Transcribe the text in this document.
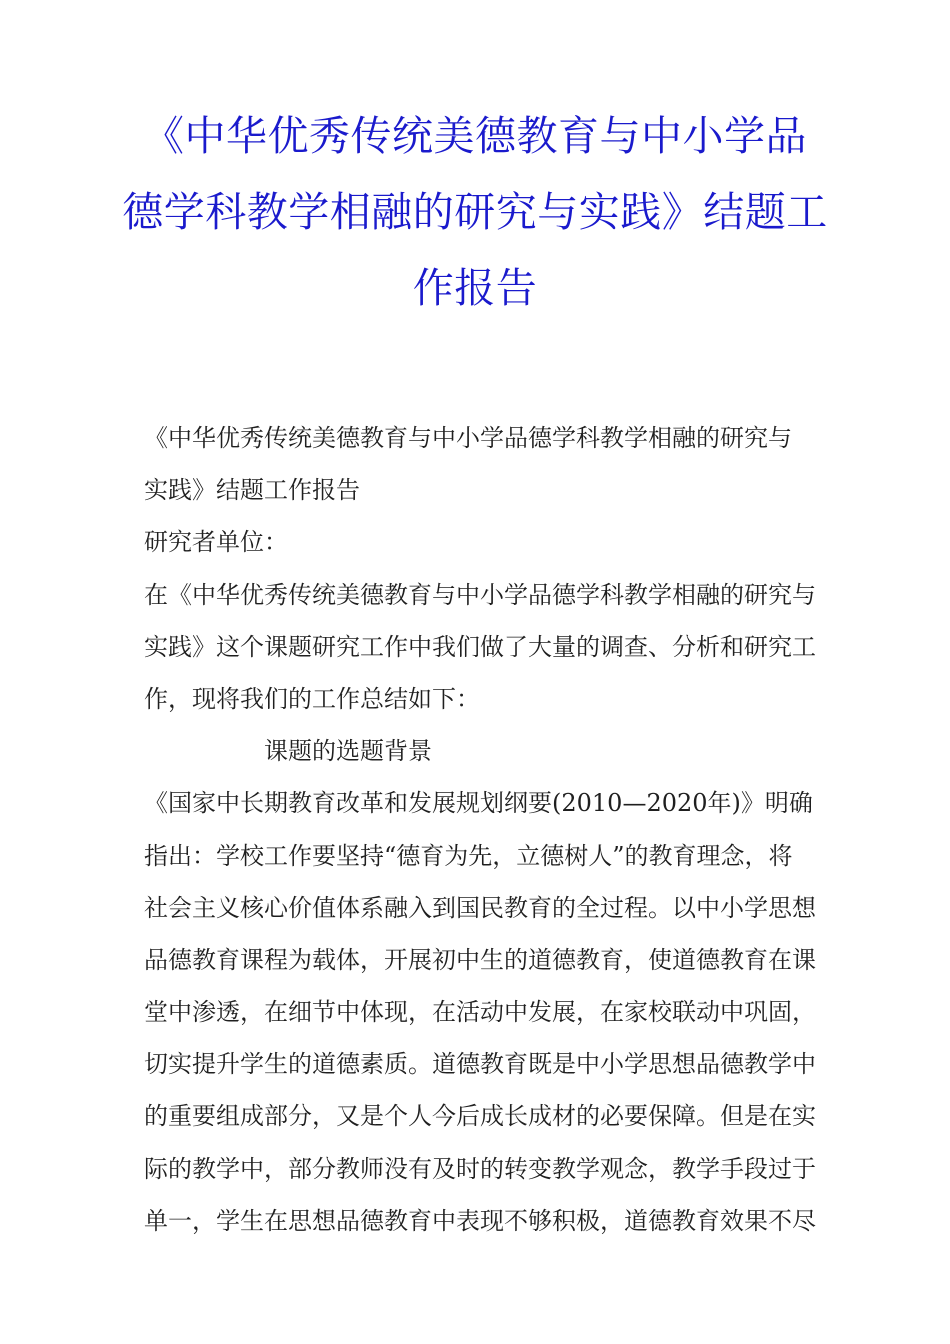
《中华优秀传统美德教育与中小学品
德学科教学相融的研究与实践》结题工
作报告
《中华优秀传统美德教育与中小学品德学科教学相融的研究与
实践》结题工作报告
研究者单位：
在《中华优秀传统美德教育与中小学品德学科教学相融的研究与
实践》这个课题研究工作中我们做了大量的调查、分析和研究工
作，现将我们的工作总结如下：
课题的选题背景
《国家中长期教育改革和发展规划纲要(2010—2020年)》明确
指出：学校工作要坚持“德育为先，立德树人”的教育理念，将
社会主义核心价值体系融入到国民教育的全过程。以中小学思想
品德教育课程为载体，开展初中生的道德教育，使道德教育在课
堂中渗透，在细节中体现，在活动中发展，在家校联动中巩固，
切实提升学生的道德素质。道德教育既是中小学思想品德教学中
的重要组成部分，又是个人今后成长成材的必要保障。但是在实
际的教学中，部分教师没有及时的转变教学观念，教学手段过于
单一，学生在思想品德教育中表现不够积极，道德教育效果不尽
